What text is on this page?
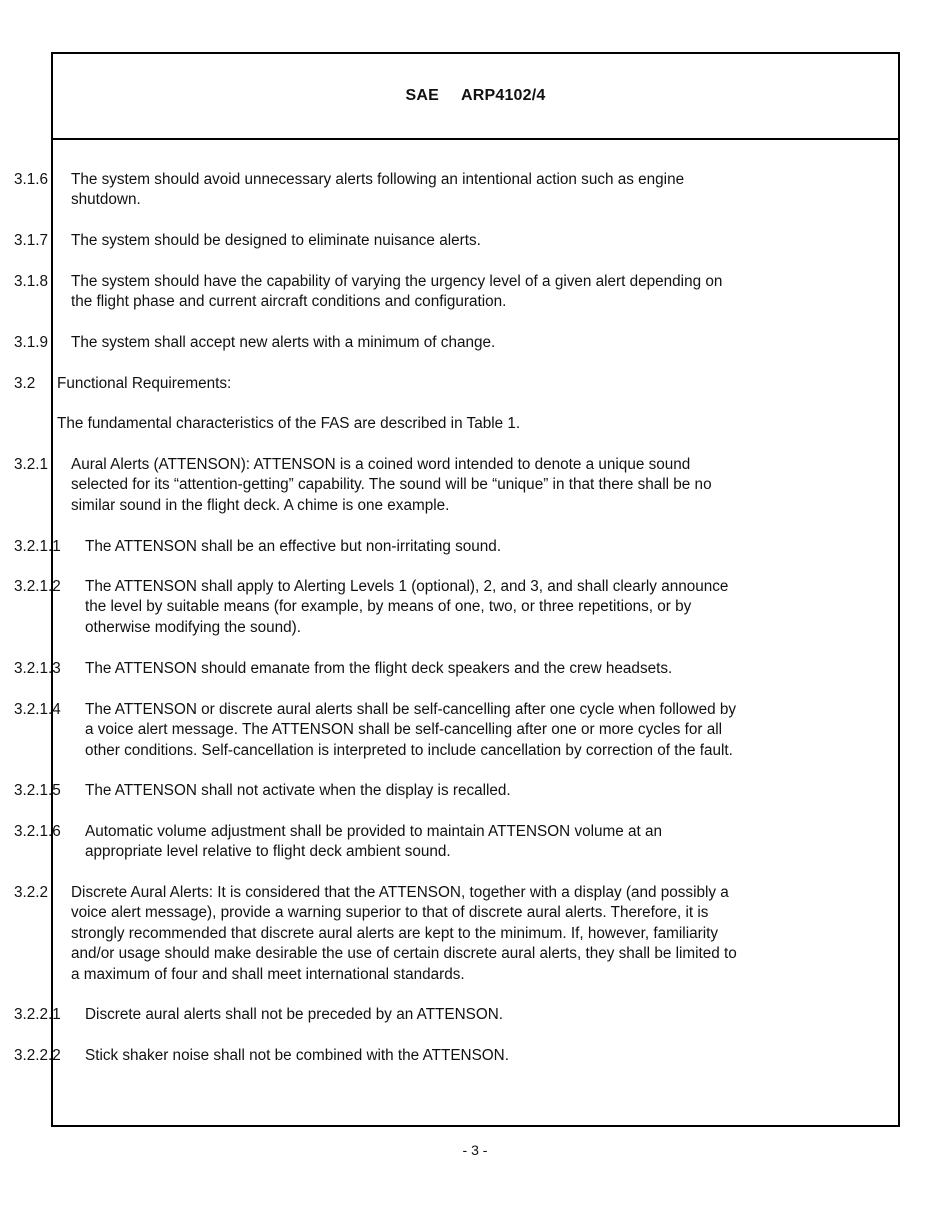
SAE ARP4102/4
3.1.6	The system should avoid unnecessary alerts following an intentional action such as engine
shutdown.
3.1.7	The system should be designed to eliminate nuisance alerts.
3.1.8	The system should have the capability of varying the urgency level of a given alert depending on
the flight phase and current aircraft conditions and configuration.
3.1.9	The system shall accept new alerts with a minimum of change.
3.2	Functional Requirements:
The fundamental characteristics of the FAS are described in Table 1.
3.2.1	Aural Alerts (ATTENSON): ATTENSON is a coined word intended to denote a unique sound
selected for its “attention-getting” capability. The sound will be “unique” in that there shall be no
similar sound in the flight deck. A chime is one example.
3.2.1.1	The ATTENSON shall be an effective but non-irritating sound.
3.2.1.2	The ATTENSON shall apply to Alerting Levels 1 (optional), 2, and 3, and shall clearly announce
the level by suitable means (for example, by means of one, two, or three repetitions, or by
otherwise modifying the sound).
3.2.1.3	The ATTENSON should emanate from the flight deck speakers and the crew headsets.
3.2.1.4	The ATTENSON or discrete aural alerts shall be self-cancelling after one cycle when followed by
a voice alert message. The ATTENSON shall be self-cancelling after one or more cycles for all
other conditions. Self-cancellation is interpreted to include cancellation by correction of the fault.
3.2.1.5	The ATTENSON shall not activate when the display is recalled.
3.2.1.6	Automatic volume adjustment shall be provided to maintain ATTENSON volume at an
appropriate level relative to flight deck ambient sound.
3.2.2	Discrete Aural Alerts: It is considered that the ATTENSON, together with a display (and possibly a
voice alert message), provide a warning superior to that of discrete aural alerts. Therefore, it is
strongly recommended that discrete aural alerts are kept to the minimum. If, however, familiarity
and/or usage should make desirable the use of certain discrete aural alerts, they shall be limited to
a maximum of four and shall meet international standards.
3.2.2.1	Discrete aural alerts shall not be preceded by an ATTENSON.
3.2.2.2	Stick shaker noise shall not be combined with the ATTENSON.
- 3 -
